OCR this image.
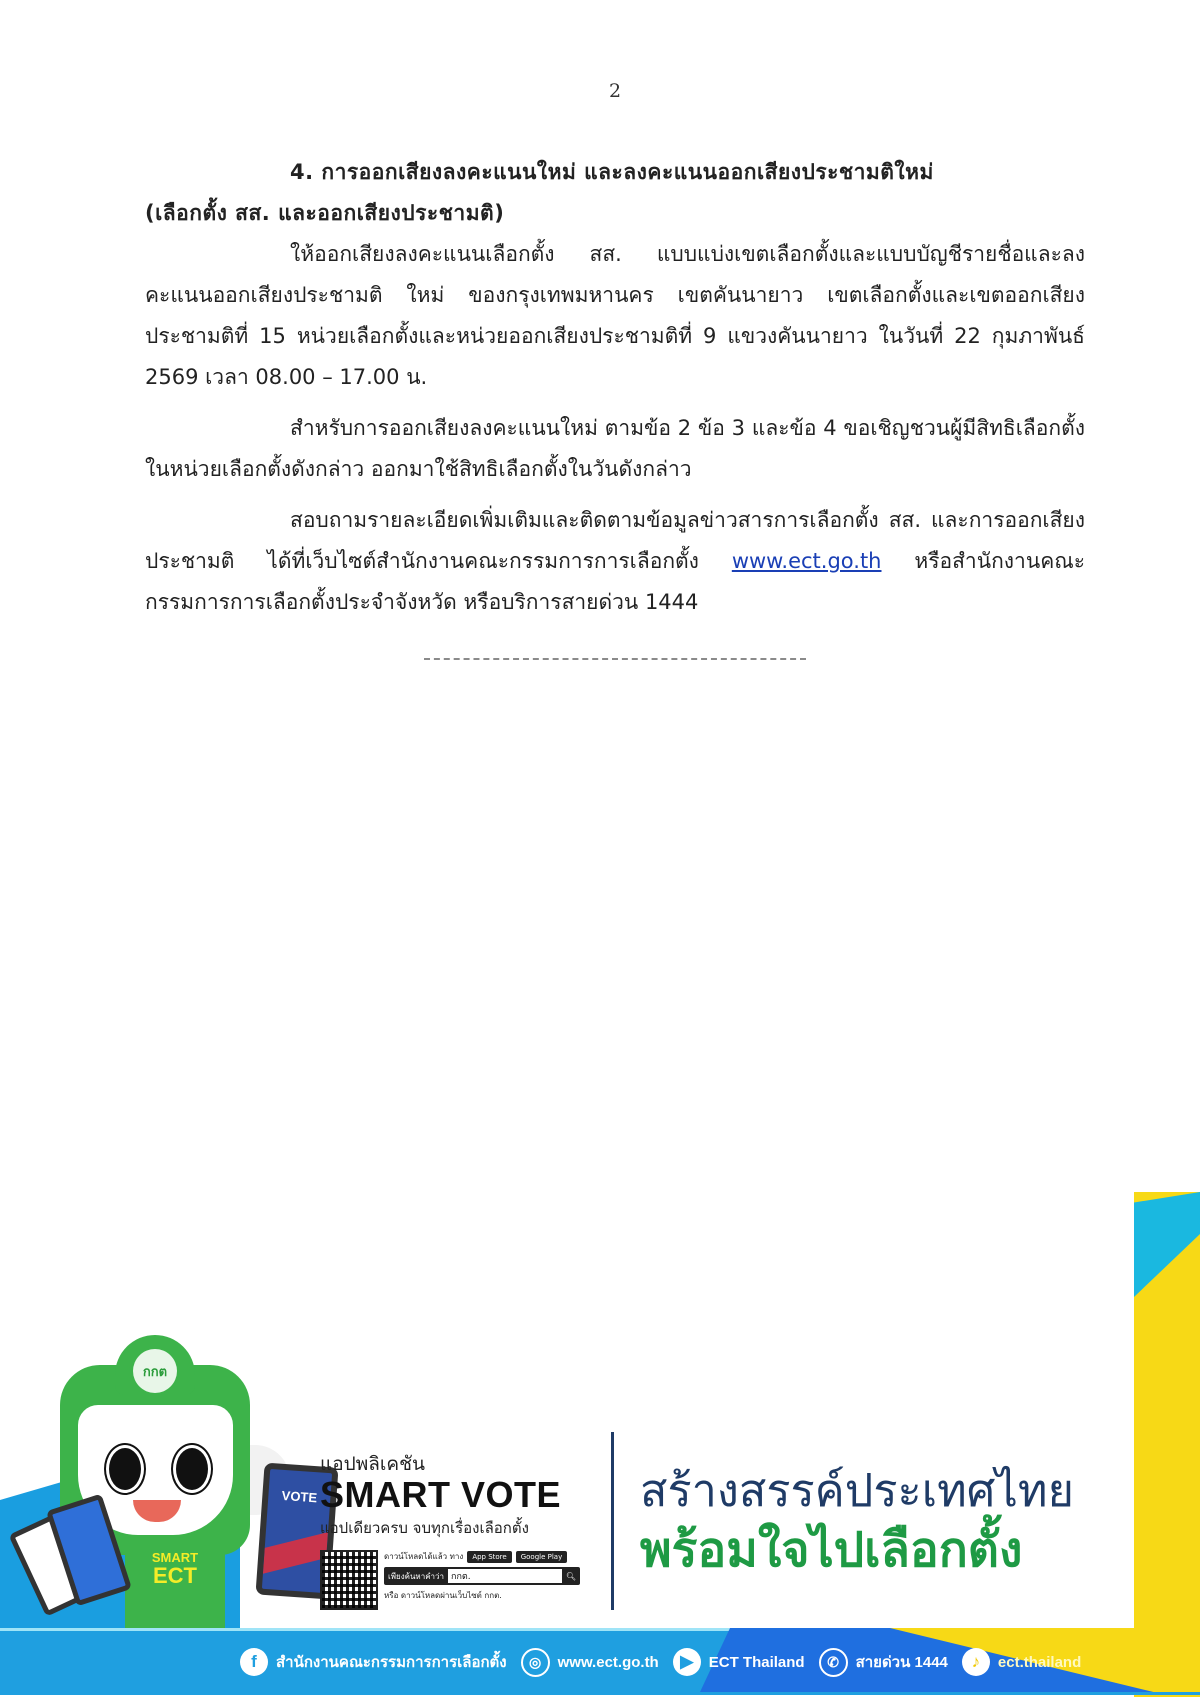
2

4. การออกเสียงลงคะแนนใหม่ และลงคะแนนออกเสียงประชามติใหม่

(เลือกตั้ง สส. และออกเสียงประชามติ)

ให้ออกเสียงลงคะแนนเลือกตั้ง สส. แบบแบ่งเขตเลือกตั้งและแบบบัญชีรายชื่อและลงคะแนนออกเสียงประชามติ ใหม่ ของกรุงเทพมหานคร เขตคันนายาว เขตเลือกตั้งและเขตออกเสียงประชามติที่ 15 หน่วยเลือกตั้งและหน่วยออกเสียงประชามติที่ 9 แขวงคันนายาว ในวันที่ 22 กุมภาพันธ์ 2569 เวลา 08.00 – 17.00 น.

สำหรับการออกเสียงลงคะแนนใหม่ ตามข้อ 2 ข้อ 3 และข้อ 4 ขอเชิญชวนผู้มีสิทธิเลือกตั้ง ในหน่วยเลือกตั้งดังกล่าว ออกมาใช้สิทธิเลือกตั้งในวันดังกล่าว

สอบถามรายละเอียดเพิ่มเติมและติดตามข้อมูลข่าวสารการเลือกตั้ง สส. และการออกเสียงประชามติ ได้ที่เว็บไซต์สำนักงานคณะกรรมการการเลือกตั้ง www.ect.go.th หรือสำนักงานคณะกรรมการการเลือกตั้งประจำจังหวัด หรือบริการสายด่วน 1444

VOTE
กกต
SMART
ECT
แอปพลิเคชัน
SMART VOTE
แอปเดียวครบ จบทุกเรื่องเลือกตั้ง
ดาวน์โหลดได้แล้ว ทาง	App Store	Google Play
เพียงค้นหาคำว่า กกต.	🔍︎
หรือ ดาวน์โหลดผ่านเว็บไซต์ กกต.
สร้างสรรค์ประเทศไทย
พร้อมใจไปเลือกตั้ง
f	สำนักงานคณะกรรมการการเลือกตั้ง	◎	www.ect.go.th	▶	ECT Thailand	✆	สายด่วน 1444	♪	ect.thailand
